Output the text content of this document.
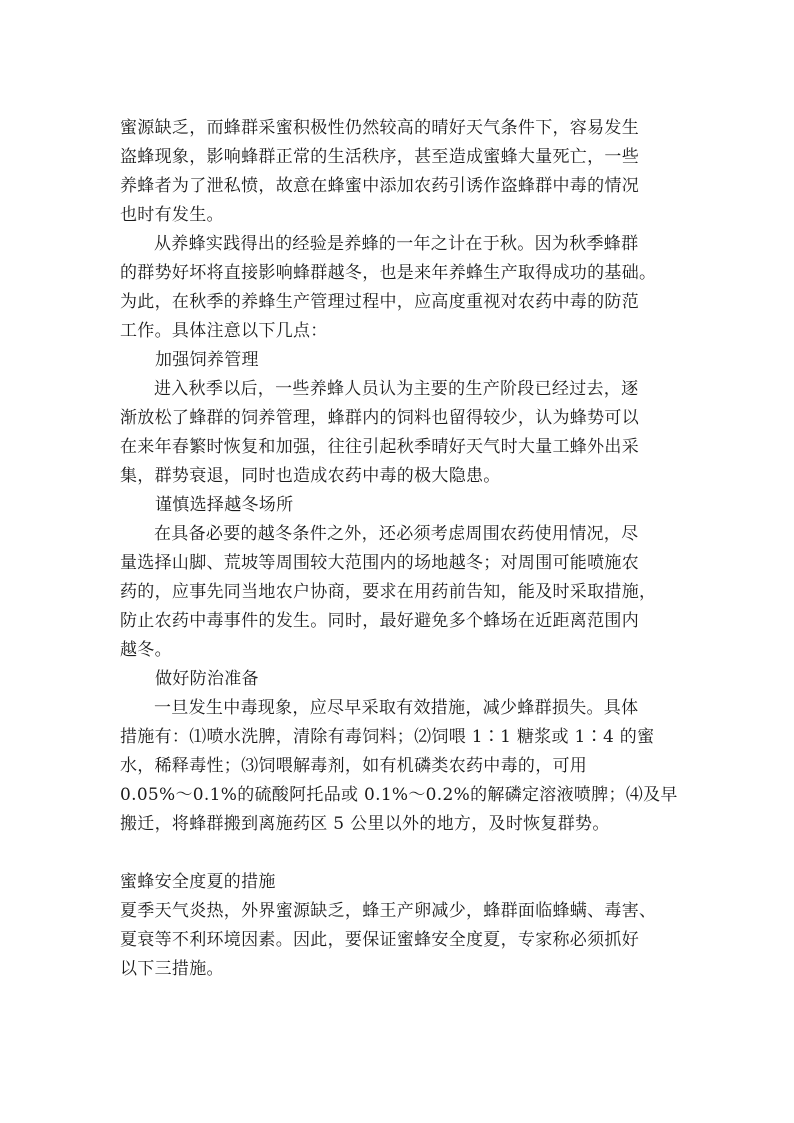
蜜源缺乏，而蜂群采蜜积极性仍然较高的晴好天气条件下，容易发生
盗蜂现象，影响蜂群正常的生活秩序，甚至造成蜜蜂大量死亡，一些
养蜂者为了泄私愤，故意在蜂蜜中添加农药引诱作盗蜂群中毒的情况
也时有发生。
从养蜂实践得出的经验是养蜂的一年之计在于秋。因为秋季蜂群
的群势好坏将直接影响蜂群越冬，也是来年养蜂生产取得成功的基础。
为此，在秋季的养蜂生产管理过程中，应高度重视对农药中毒的防范
工作。具体注意以下几点：
加强饲养管理
进入秋季以后，一些养蜂人员认为主要的生产阶段已经过去，逐
渐放松了蜂群的饲养管理，蜂群内的饲料也留得较少，认为蜂势可以
在来年春繁时恢复和加强，往往引起秋季晴好天气时大量工蜂外出采
集，群势衰退，同时也造成农药中毒的极大隐患。
谨慎选择越冬场所
在具备必要的越冬条件之外，还必须考虑周围农药使用情况，尽
量选择山脚、荒坡等周围较大范围内的场地越冬；对周围可能喷施农
药的，应事先同当地农户协商，要求在用药前告知，能及时采取措施，
防止农药中毒事件的发生。同时，最好避免多个蜂场在近距离范围内
越冬。
做好防治准备
一旦发生中毒现象，应尽早采取有效措施，减少蜂群损失。具体
措施有：⑴喷水洗脾，清除有毒饲料；⑵饲喂 1∶1 糖浆或 1∶4 的蜜
水，稀释毒性；⑶饲喂解毒剂，如有机磷类农药中毒的，可用
0.05%～0.1%的硫酸阿托品或 0.1%～0.2%的解磷定溶液喷脾；⑷及早
搬迁，将蜂群搬到离施药区 5 公里以外的地方，及时恢复群势。
蜜蜂安全度夏的措施
夏季天气炎热，外界蜜源缺乏，蜂王产卵减少，蜂群面临蜂螨、毒害、
夏衰等不利环境因素。因此，要保证蜜蜂安全度夏，专家称必须抓好
以下三措施。
